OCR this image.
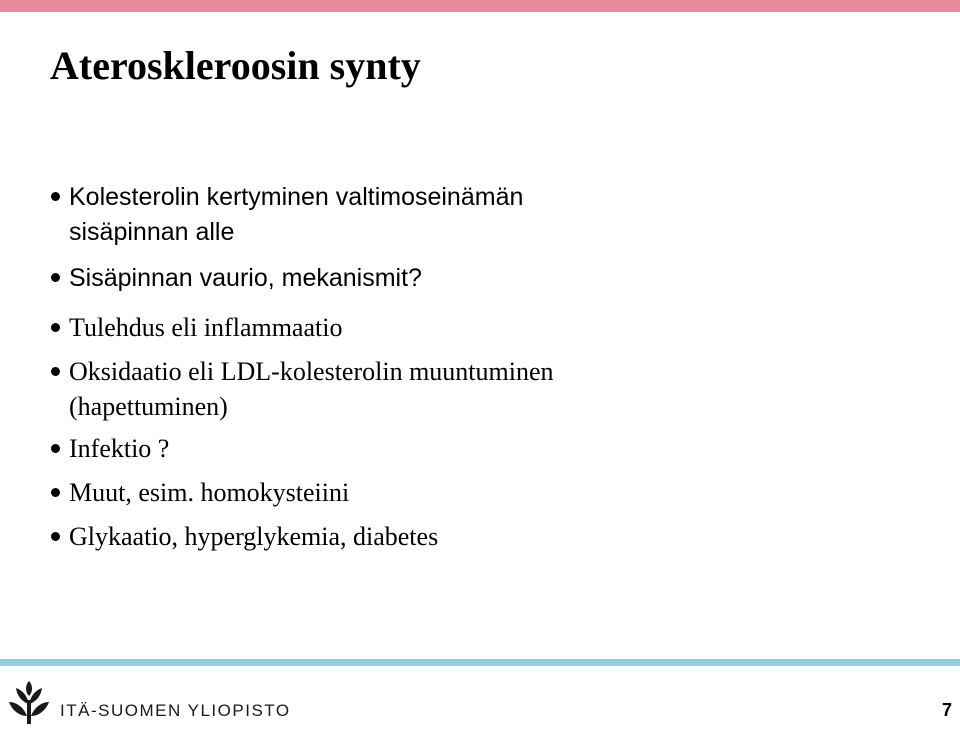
Ateroskleroosin synty
Kolesterolin kertyminen valtimoseinämän
sisäpinnan alle
Sisäpinnan vaurio, mekanismit?
Tulehdus eli inflammaatio
Oksidaatio eli LDL-kolesterolin muuntuminen
(hapettuminen)
Infektio ?
Muut, esim. homokysteiini
Glykaatio, hyperglykemia, diabetes
ITÄ-SUOMEN YLIOPISTO	7
